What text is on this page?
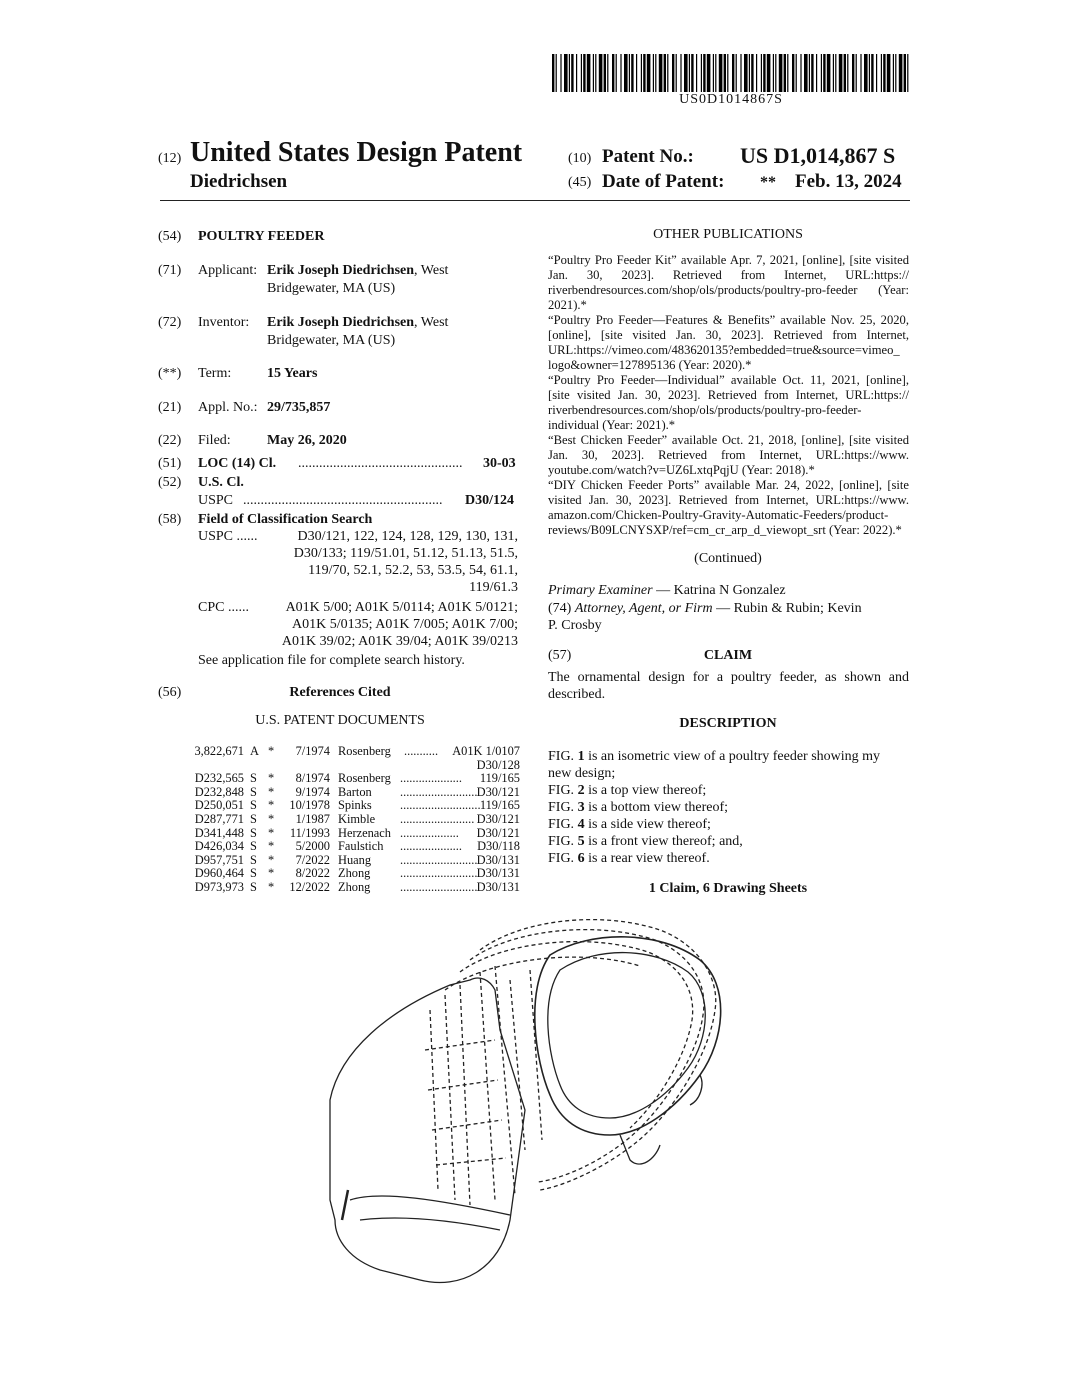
US0D1014867S
(12) United States Design Patent
Diedrichsen
(10) Patent No.: US D1,014,867 S
(45) Date of Patent: ** Feb. 13, 2024
(54) POULTRY FEEDER
(71) Applicant: Erik Joseph Diedrichsen, West
Bridgewater, MA (US)
(72) Inventor: Erik Joseph Diedrichsen, West
Bridgewater, MA (US)
(**) Term:	15 Years
(21) Appl. No.: 29/735,857
(22) Filed:	May 26, 2020
(51) LOC (14) Cl. ...............................................	30-03
(52) U.S. Cl.
USPC .........................................................	D30/124
(58) Field of Classification Search
USPC ......	D30/121, 122, 124, 128, 129, 130, 131,
D30/133; 119/51.01, 51.12, 51.13, 51.5,
119/70, 52.1, 52.2, 53, 53.5, 54, 61.1,
119/61.3
CPC ......	A01K 5/00; A01K 5/0114; A01K 5/0121;
A01K 5/0135; A01K 7/005; A01K 7/00;
A01K 39/02; A01K 39/04; A01K 39/0213
See application file for complete search history.
(56)	References Cited
U.S. PATENT DOCUMENTS
3,822,671 A *	7/1974 Rosenberg ........... A01K 1/0107
D30/128
D232,565 S *	8/1974 Rosenberg ....................	119/165
D232,848 S *	9/1974 Barton ......................... D30/121
D250,051 S * 10/1978 Spinks .......................... 119/165
D287,771 S *	1/1987 Kimble ........................ D30/121
D341,448 S *	11/1993 Herzenach ...................	D30/121
D426,034 S *	5/2000 Faulstich ....................	D30/118
D957,751 S *	7/2022 Huang ......................... D30/131
D960,464 S *	8/2022 Zhong ......................... D30/131
D973,973 S * 12/2022 Zhong ......................... D30/131
OTHER PUBLICATIONS

“Poultry Pro Feeder Kit” available Apr. 7, 2021, [online], [site visited Jan. 30, 2023]. Retrieved from Internet, URL:https:// riverbendresources.com/shop/ols/products/poultry-pro-feeder (Year: 2021).*

“Poultry Pro Feeder—Features & Benefits” available Nov. 25, 2020, [online], [site visited Jan. 30, 2023]. Retrieved from Internet, URL:https://vimeo.com/483620135?embedded=true&source=vimeo_ logo&owner=127895136 (Year: 2020).*

“Poultry Pro Feeder—Individual” available Oct. 11, 2021, [online], [site visited Jan. 30, 2023]. Retrieved from Internet, URL:https:// riverbendresources.com/shop/ols/products/poultry-pro-feeder-individual (Year: 2021).*

“Best Chicken Feeder” available Oct. 21, 2018, [online], [site visited Jan. 30, 2023]. Retrieved from Internet, URL:https://www. youtube.com/watch?v=UZ6LxtqPqjU (Year: 2018).*

“DIY Chicken Feeder Ports” available Mar. 24, 2022, [online], [site visited Jan. 30, 2023]. Retrieved from Internet, URL:https://www. amazon.com/Chicken-Poultry-Gravity-Automatic-Feeders/product-reviews/B09LCNYSXP/ref=cm_cr_arp_d_viewopt_srt (Year: 2022).*

(Continued)
Primary Examiner — Katrina N Gonzalez
(74) Attorney, Agent, or Firm — Rubin & Rubin; Kevin
P. Crosby
(57)	CLAIM
The ornamental design for a poultry feeder, as shown and described.
DESCRIPTION
FIG. 1 is an isometric view of a poultry feeder showing my
new design;
FIG. 2 is a top view thereof;
FIG. 3 is a bottom view thereof;
FIG. 4 is a side view thereof;
FIG. 5 is a front view thereof; and,
FIG. 6 is a rear view thereof.
1 Claim, 6 Drawing Sheets
